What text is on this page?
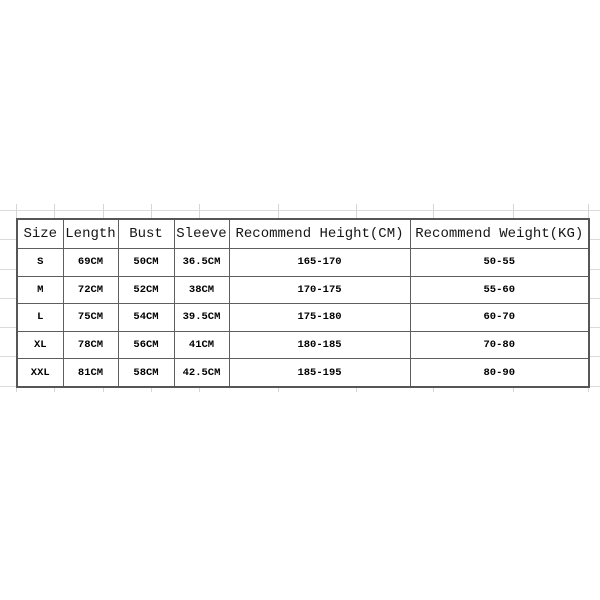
Size	Length	Bust	Sleeve	Recommend Height(CM)	Recommend Weight(KG)
S	69CM	50CM	36.5CM	165-170	50-55
M	72CM	52CM	38CM	170-175	55-60
L	75CM	54CM	39.5CM	175-180	60-70
XL	78CM	56CM	41CM	180-185	70-80
XXL	81CM	58CM	42.5CM	185-195	80-90
